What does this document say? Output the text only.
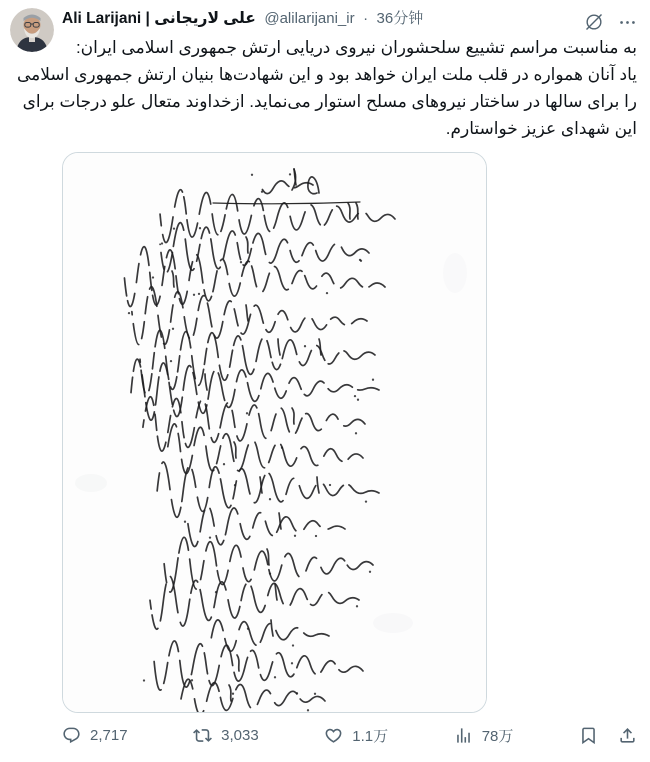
Ali Larijani | علی لاریجانی @alilarijani_ir · 36分钟
به مناسبت مراسم تشییع سلحشوران نیروی دریایی ارتش جمهوری اسلامی ایران: یاد آنان همواره در قلب ملت ایران خواهد بود و این شهادت‌ها بنیان ارتش جمهوری اسلامی را برای سالها در ساختار نیروهای مسلح استوار می‌نماید. ازخداوند متعال علو درجات برای این شهدای عزیز خواستارم.
2,717	3,033	1.1万	78万
